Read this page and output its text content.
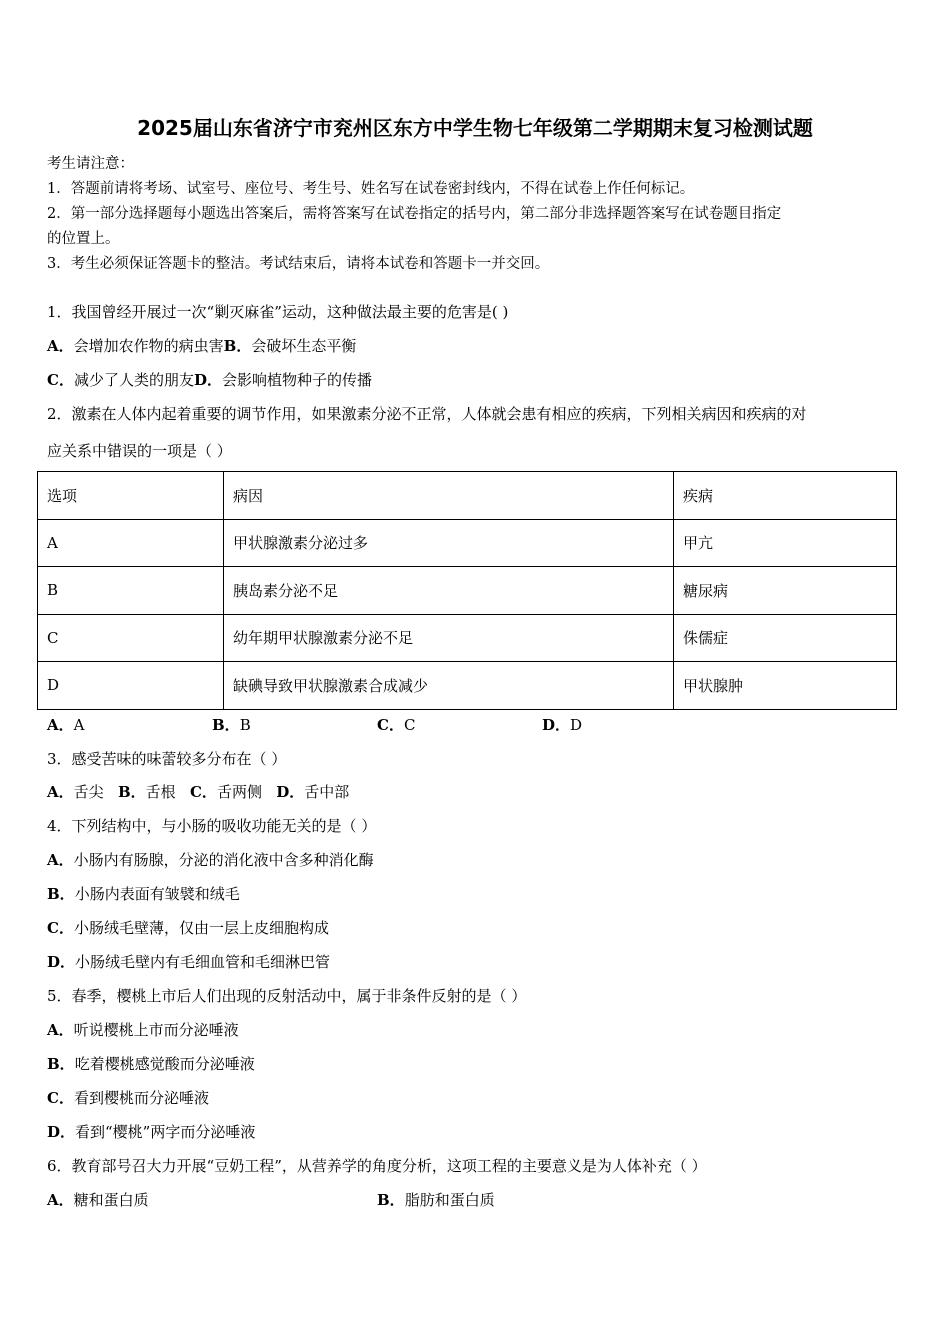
2025届山东省济宁市兖州区东方中学生物七年级第二学期期末复习检测试题
考生请注意：
1．答题前请将考场、试室号、座位号、考生号、姓名写在试卷密封线内，不得在试卷上作任何标记。
2．第一部分选择题每小题选出答案后，需将答案写在试卷指定的括号内，第二部分非选择题答案写在试卷题目指定
的位置上。
3．考生必须保证答题卡的整洁。考试结束后，请将本试卷和答题卡一并交回。
1．我国曾经开展过一次“剿灭麻雀”运动，这种做法最主要的危害是( )
A．会增加农作物的病虫害B．会破坏生态平衡
C．减少了人类的朋友D．会影响植物种子的传播
2．激素在人体内起着重要的调节作用，如果激素分泌不正常，人体就会患有相应的疾病，下列相关病因和疾病的对
应关系中错误的一项是（ ）
选项	病因	疾病
A	甲状腺激素分泌过多	甲亢
B	胰岛素分泌不足	糖尿病
C	幼年期甲状腺激素分泌不足	侏儒症
D	缺碘导致甲状腺激素合成减少	甲状腺肿
A．A	B．B	C．C	D．D
3．感受苦味的味蕾较多分布在（ ）
A．舌尖 B．舌根 C．舌两侧 D．舌中部
4．下列结构中，与小肠的吸收功能无关的是（ ）
A．小肠内有肠腺，分泌的消化液中含多种消化酶
B．小肠内表面有皱襞和绒毛
C．小肠绒毛壁薄，仅由一层上皮细胞构成
D．小肠绒毛壁内有毛细血管和毛细淋巴管
5．春季，樱桃上市后人们出现的反射活动中，属于非条件反射的是（ ）
A．听说樱桃上市而分泌唾液
B．吃着樱桃感觉酸而分泌唾液
C．看到樱桃而分泌唾液
D．看到“樱桃”两字而分泌唾液
6．教育部号召大力开展“豆奶工程”，从营养学的角度分析，这项工程的主要意义是为人体补充（ ）
A．糖和蛋白质	B．脂肪和蛋白质
